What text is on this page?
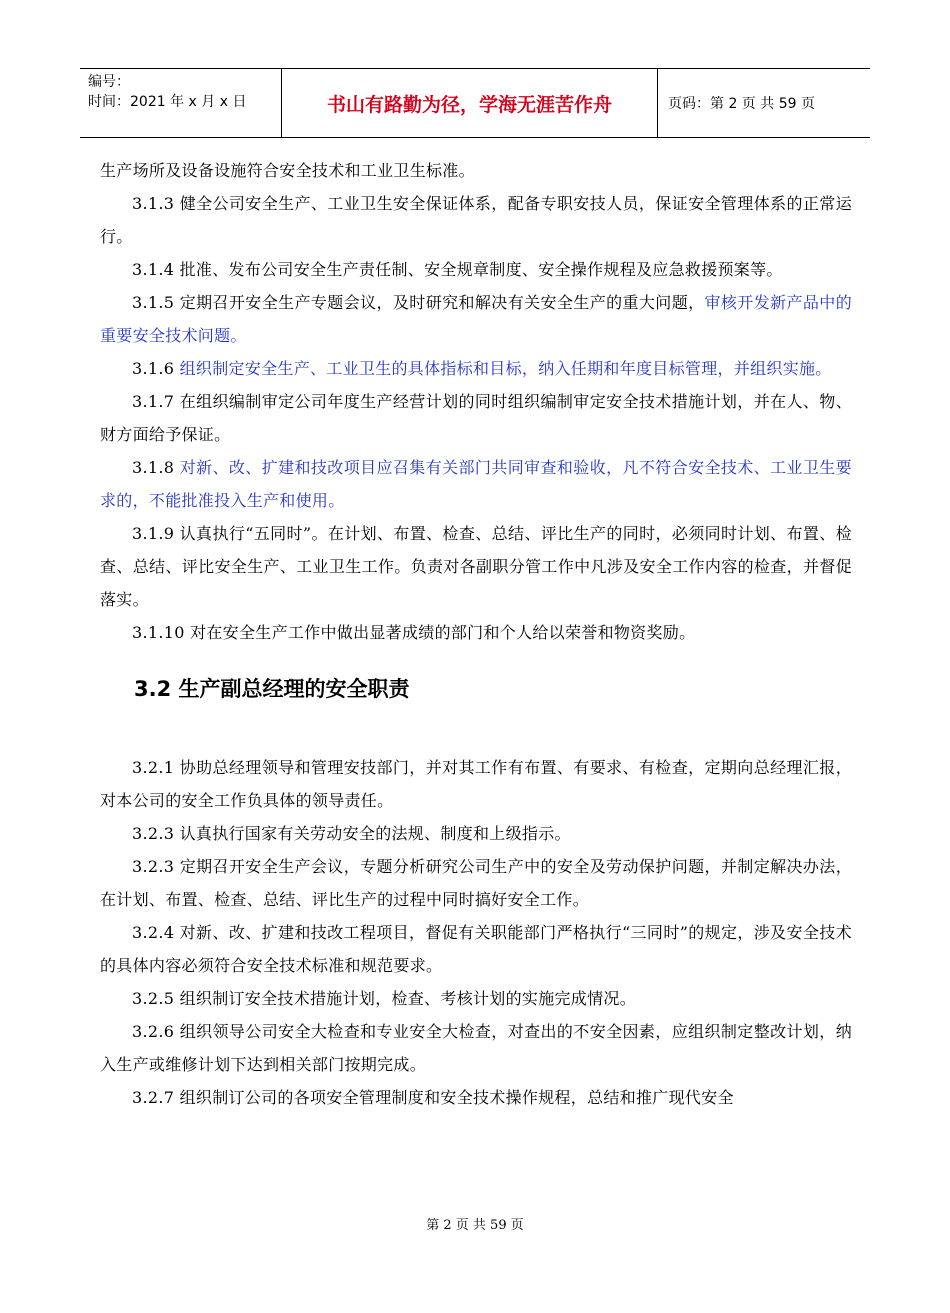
编号：
时间：2021 年 x 月 x 日	书山有路勤为径，学海无涯苦作舟	页码：第 2 页 共 59 页

生产场所及设备设施符合安全技术和工业卫生标准。

3.1.3 健全公司安全生产、工业卫生安全保证体系，配备专职安技人员，保证安全管理体系的正常运行。

3.1.4 批准、发布公司安全生产责任制、安全规章制度、安全操作规程及应急救援预案等。

3.1.5 定期召开安全生产专题会议，及时研究和解决有关安全生产的重大问题，审核开发新产品中的重要安全技术问题。

3.1.6 组织制定安全生产、工业卫生的具体指标和目标，纳入任期和年度目标管理，并组织实施。

3.1.7 在组织编制审定公司年度生产经营计划的同时组织编制审定安全技术措施计划，并在人、物、财方面给予保证。

3.1.8 对新、改、扩建和技改项目应召集有关部门共同审查和验收，凡不符合安全技术、工业卫生要求的，不能批准投入生产和使用。

3.1.9 认真执行“五同时”。在计划、布置、检查、总结、评比生产的同时，必须同时计划、布置、检查、总结、评比安全生产、工业卫生工作。负责对各副职分管工作中凡涉及安全工作内容的检查，并督促落实。

3.1.10 对在安全生产工作中做出显著成绩的部门和个人给以荣誉和物资奖励。

3.2 生产副总经理的安全职责

3.2.1 协助总经理领导和管理安技部门，并对其工作有布置、有要求、有检查，定期向总经理汇报，对本公司的安全工作负具体的领导责任。

3.2.3 认真执行国家有关劳动安全的法规、制度和上级指示。

3.2.3 定期召开安全生产会议，专题分析研究公司生产中的安全及劳动保护问题，并制定解决办法，在计划、布置、检查、总结、评比生产的过程中同时搞好安全工作。

3.2.4 对新、改、扩建和技改工程项目，督促有关职能部门严格执行“三同时”的规定，涉及安全技术的具体内容必须符合安全技术标准和规范要求。

3.2.5 组织制订安全技术措施计划，检查、考核计划的实施完成情况。

3.2.6 组织领导公司安全大检查和专业安全大检查，对查出的不安全因素，应组织制定整改计划，纳入生产或维修计划下达到相关部门按期完成。

3.2.7 组织制订公司的各项安全管理制度和安全技术操作规程，总结和推广现代安全

第 2 页 共 59 页
